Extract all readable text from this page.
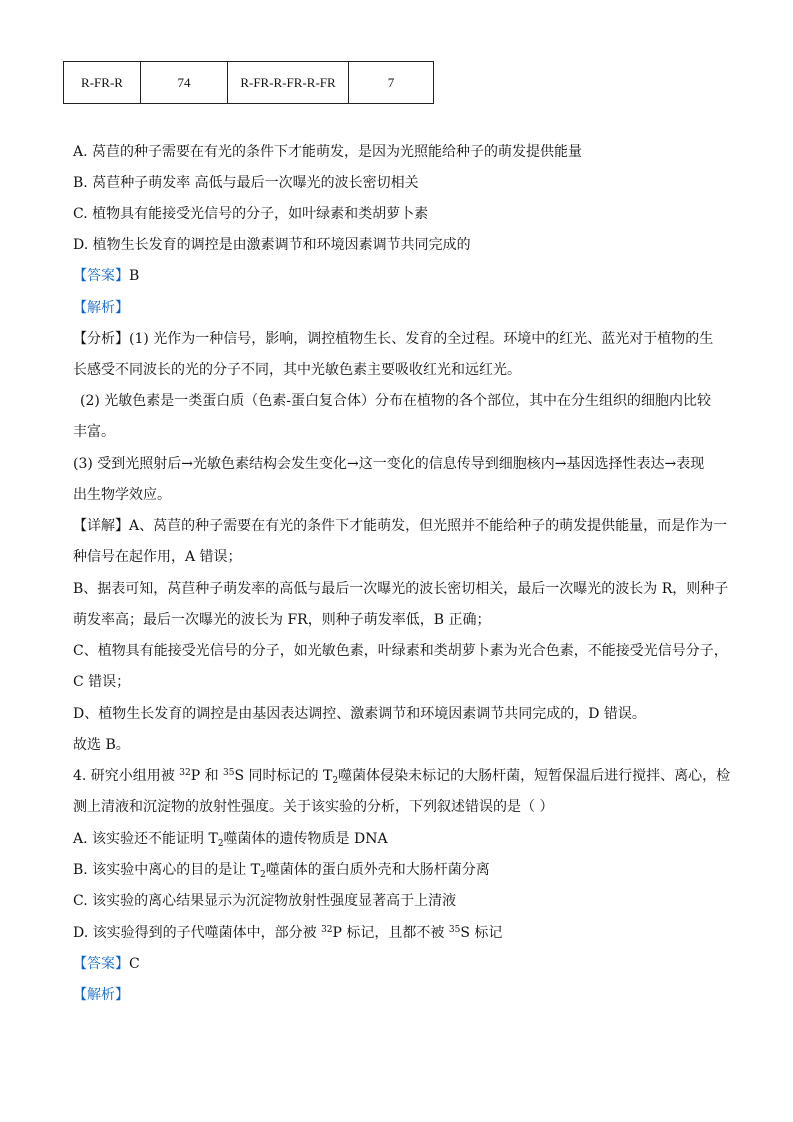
R-FR-R	74	R-FR-R-FR-R-FR	7
A. 莴苣的种子需要在有光的条件下才能萌发，是因为光照能给种子的萌发提供能量
B. 莴苣种子萌发率 高低与最后一次曝光的波长密切相关
C. 植物具有能接受光信号的分子，如叶绿素和类胡萝卜素
D. 植物生长发育的调控是由激素调节和环境因素调节共同完成的
【答案】B
【解析】
【分析】(1) 光作为一种信号，影响，调控植物生长、发育的全过程。环境中的红光、蓝光对于植物的生
长感受不同波长的光的分子不同，其中光敏色素主要吸收红光和远红光。
(2) 光敏色素是一类蛋白质（色素-蛋白复合体）分布在植物的各个部位，其中在分生组织的细胞内比较
丰富。
(3) 受到光照射后→光敏色素结构会发生变化→这一变化的信息传导到细胞核内→基因选择性表达→表现
出生物学效应。
【详解】A、莴苣的种子需要在有光的条件下才能萌发，但光照并不能给种子的萌发提供能量，而是作为一
种信号在起作用，A 错误；
B、据表可知，莴苣种子萌发率的高低与最后一次曝光的波长密切相关，最后一次曝光的波长为 R，则种子
萌发率高；最后一次曝光的波长为 FR，则种子萌发率低，B 正确；
C、植物具有能接受光信号的分子，如光敏色素，叶绿素和类胡萝卜素为光合色素，不能接受光信号分子，
C 错误；
D、植物生长发育的调控是由基因表达调控、激素调节和环境因素调节共同完成的，D 错误。
故选 B。
4. 研究小组用被 $^{32}$P 和 $^{35}$S 同时标记的 $T_2$噬菌体侵染未标记的大肠杆菌，短暂保温后进行搅拌、离心，检
测上清液和沉淀物的放射性强度。关于该实验的分析，下列叙述错误的是（ ）
A. 该实验还不能证明 $T_2$噬菌体的遗传物质是 DNA
B. 该实验中离心的目的是让 $T_2$噬菌体的蛋白质外壳和大肠杆菌分离
C. 该实验的离心结果显示为沉淀物放射性强度显著高于上清液
D. 该实验得到的子代噬菌体中，部分被 $^{32}$P 标记，且都不被 $^{35}$S 标记
【答案】C
【解析】
